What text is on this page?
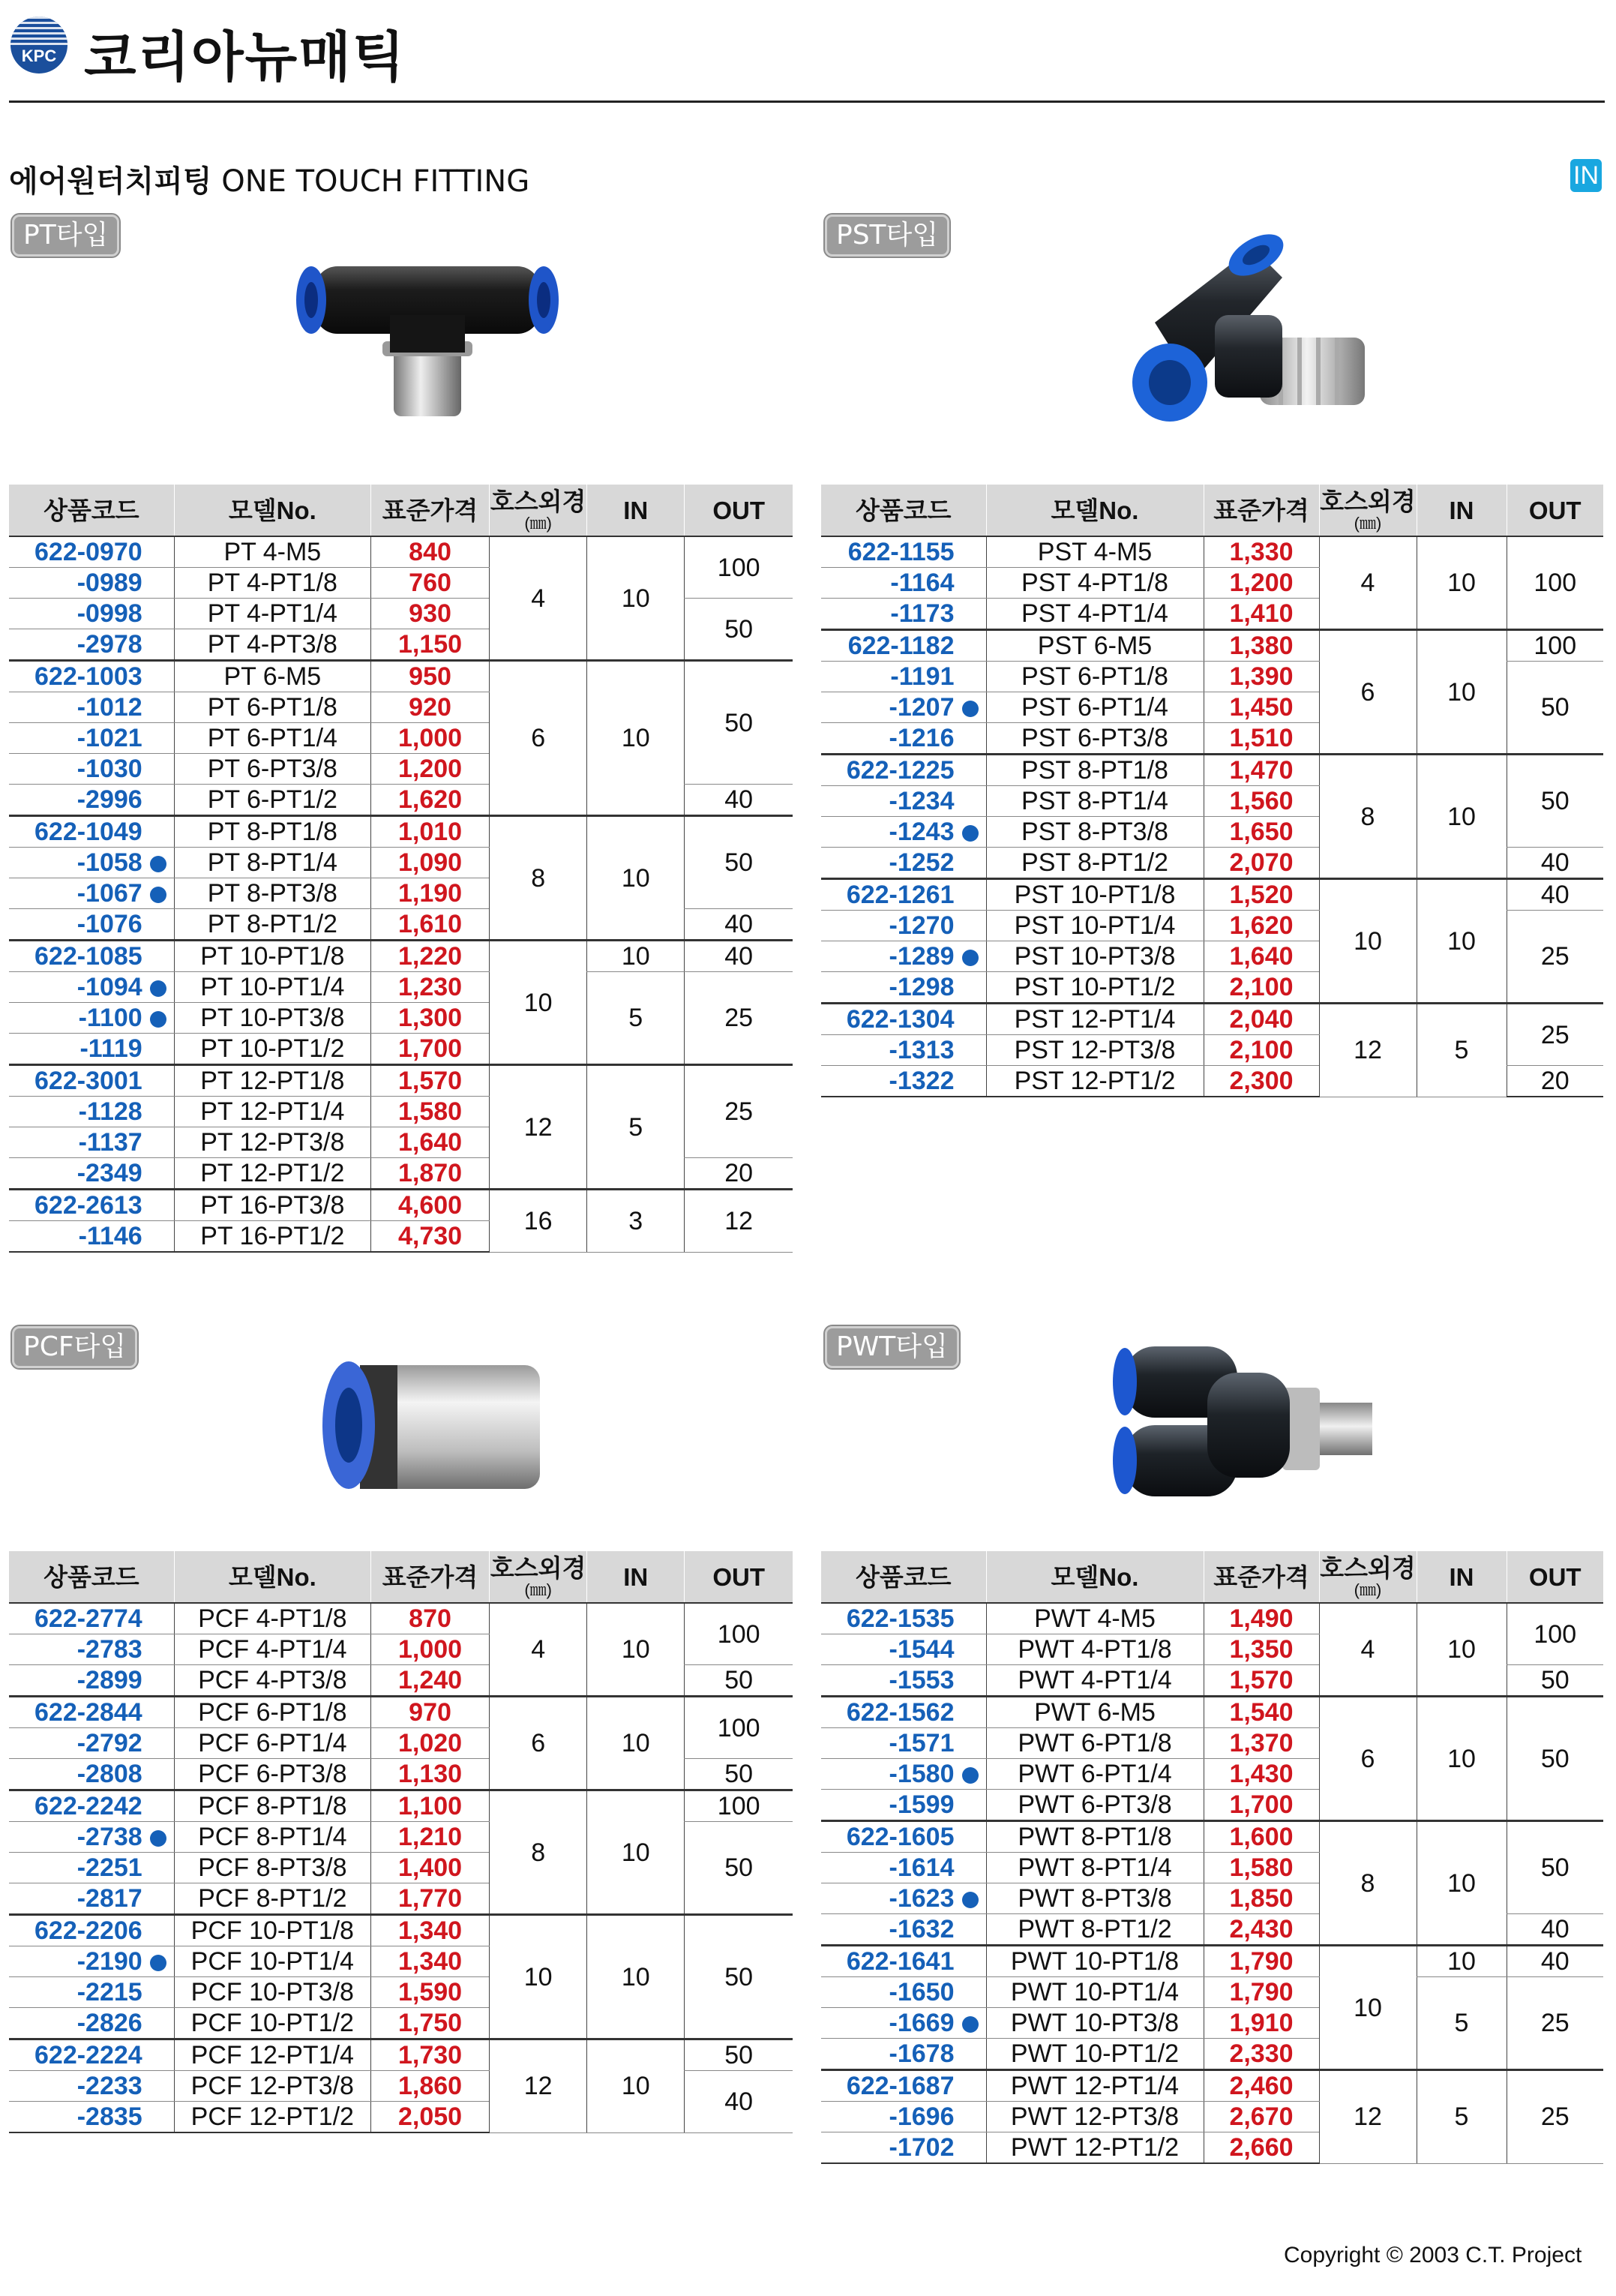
KPC 코리아뉴매틱
에어원터치피팅 ONE TOUCH FITTING	IN
PT타입	PST타입
PCF타입	PWT타입
상품코드	모델No.	표준가격	호스외경
(㎜)	IN	OUT
622-0970	PT 4-M5	840	4	10	100
-0989	PT 4-PT1/8	760			
-0998	PT 4-PT1/4	930			50
-2978	PT 4-PT3/8	1,150			
622-1003	PT 6-M5	950	6	10	50
-1012	PT 6-PT1/8	920			
-1021	PT 6-PT1/4	1,000			
-1030	PT 6-PT3/8	1,200			
-2996	PT 6-PT1/2	1,620			40
622-1049	PT 8-PT1/8	1,010	8	10	50
-1058	PT 8-PT1/4	1,090			
-1067	PT 8-PT3/8	1,190			
-1076	PT 8-PT1/2	1,610			40
622-1085	PT 10-PT1/8	1,220	10	10	40
-1094	PT 10-PT1/4	1,230		5	25
-1100	PT 10-PT3/8	1,300			
-1119	PT 10-PT1/2	1,700			
622-3001	PT 12-PT1/8	1,570	12	5	25
-1128	PT 12-PT1/4	1,580			
-1137	PT 12-PT3/8	1,640			
-2349	PT 12-PT1/2	1,870			20
622-2613	PT 16-PT3/8	4,600	16	3	12
-1146	PT 16-PT1/2	4,730			
상품코드	모델No.	표준가격	호스외경
(㎜)	IN	OUT
622-1155	PST 4-M5	1,330	4	10	100
-1164	PST 4-PT1/8	1,200			
-1173	PST 4-PT1/4	1,410			
622-1182	PST 6-M5	1,380	6	10	100
-1191	PST 6-PT1/8	1,390			50
-1207	PST 6-PT1/4	1,450			
-1216	PST 6-PT3/8	1,510			
622-1225	PST 8-PT1/8	1,470	8	10	50
-1234	PST 8-PT1/4	1,560			
-1243	PST 8-PT3/8	1,650			
-1252	PST 8-PT1/2	2,070			40
622-1261	PST 10-PT1/8	1,520	10	10	40
-1270	PST 10-PT1/4	1,620			25
-1289	PST 10-PT3/8	1,640			
-1298	PST 10-PT1/2	2,100			
622-1304	PST 12-PT1/4	2,040	12	5	25
-1313	PST 12-PT3/8	2,100			
-1322	PST 12-PT1/2	2,300			20
상품코드	모델No.	표준가격	호스외경
(㎜)	IN	OUT
622-2774	PCF 4-PT1/8	870	4	10	100
-2783	PCF 4-PT1/4	1,000			
-2899	PCF 4-PT3/8	1,240			50
622-2844	PCF 6-PT1/8	970	6	10	100
-2792	PCF 6-PT1/4	1,020			
-2808	PCF 6-PT3/8	1,130			50
622-2242	PCF 8-PT1/8	1,100	8	10	100
-2738	PCF 8-PT1/4	1,210			50
-2251	PCF 8-PT3/8	1,400			
-2817	PCF 8-PT1/2	1,770			
622-2206	PCF 10-PT1/8	1,340	10	10	50
-2190	PCF 10-PT1/4	1,340			
-2215	PCF 10-PT3/8	1,590			
-2826	PCF 10-PT1/2	1,750			
622-2224	PCF 12-PT1/4	1,730	12	10	50
-2233	PCF 12-PT3/8	1,860			40
-2835	PCF 12-PT1/2	2,050			
상품코드	모델No.	표준가격	호스외경
(㎜)	IN	OUT
622-1535	PWT 4-M5	1,490	4	10	100
-1544	PWT 4-PT1/8	1,350			
-1553	PWT 4-PT1/4	1,570			50
622-1562	PWT 6-M5	1,540	6	10	50
-1571	PWT 6-PT1/8	1,370			
-1580	PWT 6-PT1/4	1,430			
-1599	PWT 6-PT3/8	1,700			
622-1605	PWT 8-PT1/8	1,600	8	10	50
-1614	PWT 8-PT1/4	1,580			
-1623	PWT 8-PT3/8	1,850			
-1632	PWT 8-PT1/2	2,430			40
622-1641	PWT 10-PT1/8	1,790	10	10	40
-1650	PWT 10-PT1/4	1,790		5	25
-1669	PWT 10-PT3/8	1,910			
-1678	PWT 10-PT1/2	2,330			
622-1687	PWT 12-PT1/4	2,460	12	5	25
-1696	PWT 12-PT3/8	2,670			
-1702	PWT 12-PT1/2	2,660			
Copyright © 2003 C.T. Project
